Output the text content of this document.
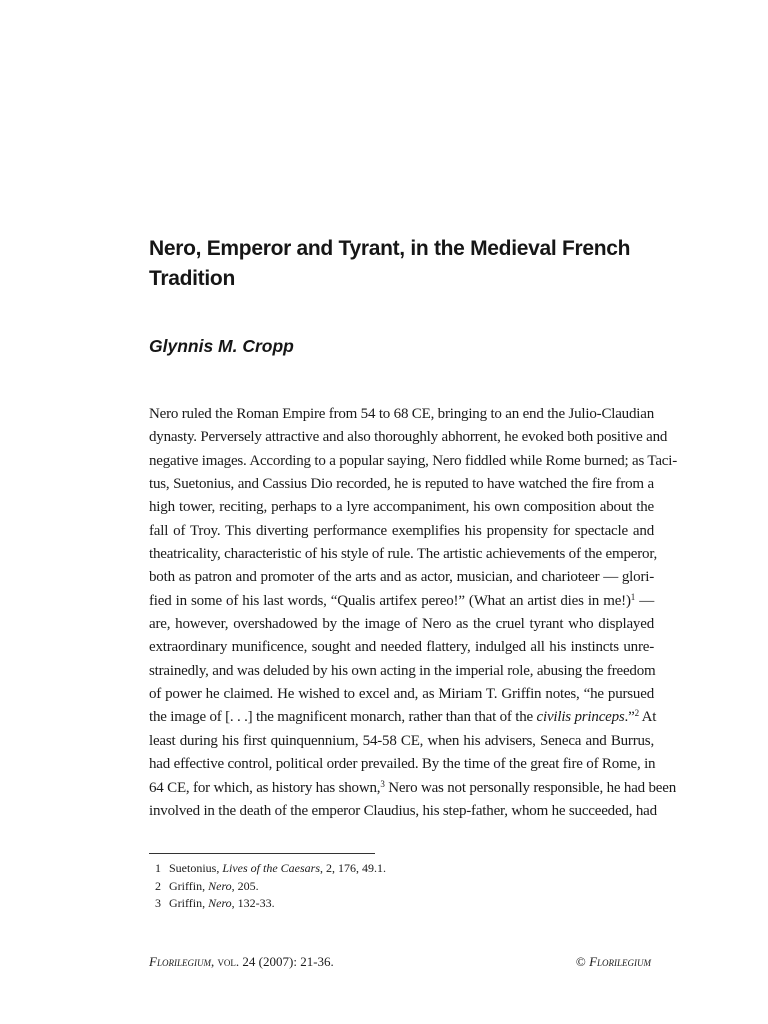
Nero, Emperor and Tyrant, in the Medieval French
Tradition

Glynnis M. Cropp

Nero ruled the Roman Empire from 54 to 68 CE, bringing to an end the Julio-Claudian
dynasty. Perversely attractive and also thoroughly abhorrent, he evoked both positive and
negative images. According to a popular saying, Nero fiddled while Rome burned; as Taci-
tus, Suetonius, and Cassius Dio recorded, he is reputed to have watched the fire from a
high tower, reciting, perhaps to a lyre accompaniment, his own composition about the
fall of Troy. This diverting performance exemplifies his propensity for spectacle and
theatricality, characteristic of his style of rule. The artistic achievements of the emperor,
both as patron and promoter of the arts and as actor, musician, and charioteer — glori-
fied in some of his last words, “Qualis artifex pereo!” (What an artist dies in me!)$^1$ —
are, however, overshadowed by the image of Nero as the cruel tyrant who displayed
extraordinary munificence, sought and needed flattery, indulged all his instincts unre-
strainedly, and was deluded by his own acting in the imperial role, abusing the freedom
of power he claimed. He wished to excel and, as Miriam T. Griffin notes, “he pursued
the image of [. . .] the magnificent monarch, rather than that of the civilis princeps.”$^2$ At
least during his first quinquennium, 54-58 CE, when his advisers, Seneca and Burrus,
had effective control, political order prevailed. By the time of the great fire of Rome, in
64 CE, for which, as history has shown,$^3$ Nero was not personally responsible, he had been
involved in the death of the emperor Claudius, his step-father, whom he succeeded, had
1 Suetonius, Lives of the Caesars, 2, 176, 49.1.
2 Griffin, Nero, 205.
3 Griffin, Nero, 132-33.
Florilegium, vol. 24 (2007): 21-36.	© Florilegium
